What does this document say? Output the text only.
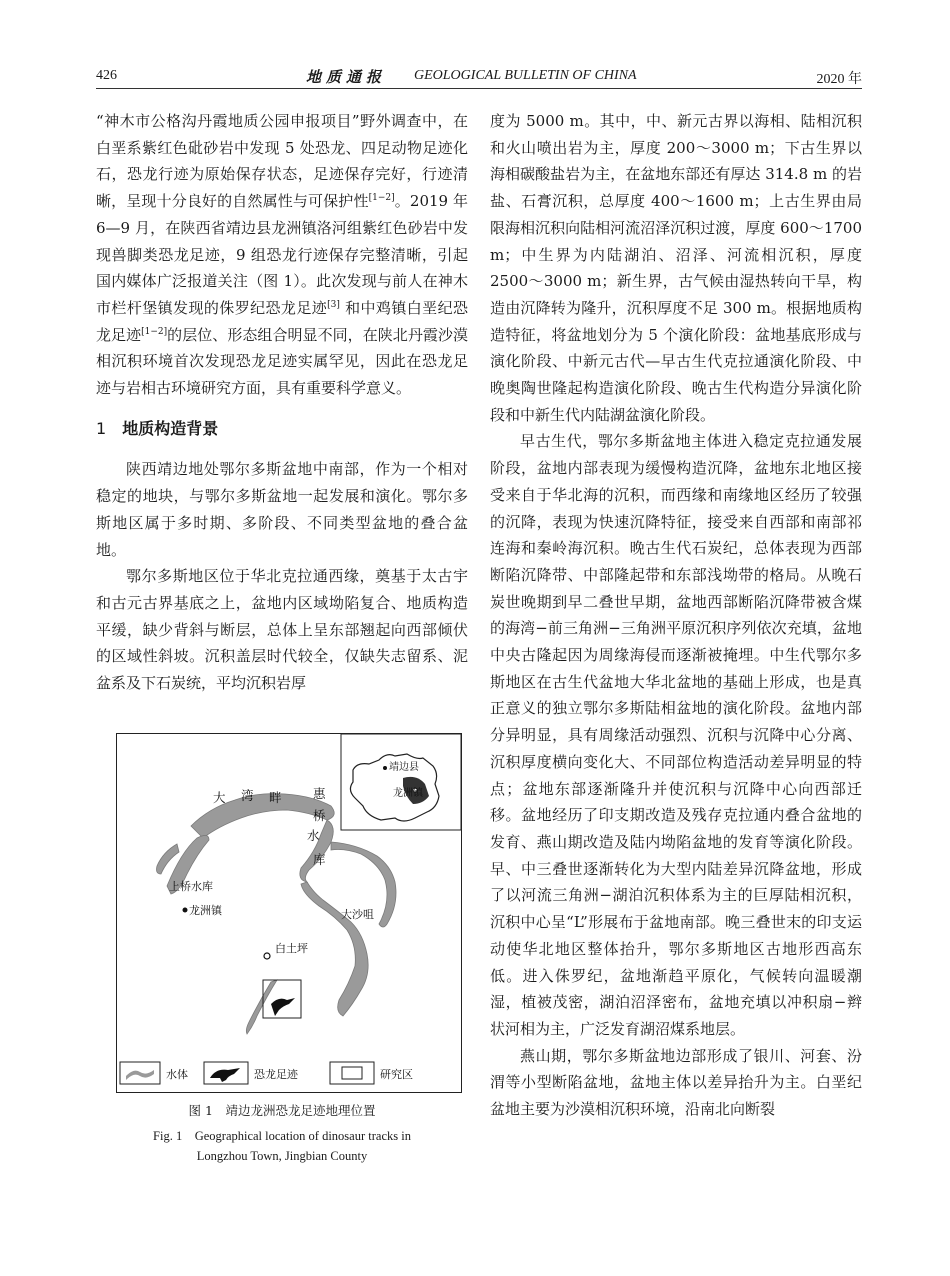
426	地质通报 GEOLOGICAL BULLETIN OF CHINA	2020 年

“神木市公格沟丹霞地质公园申报项目”野外调查中，在白垩系紫红色砒砂岩中发现 5 处恐龙、四足动物足迹化石，恐龙行迹为原始保存状态，足迹保存完好，行迹清晰，呈现十分良好的自然属性与可保护性[1−2]。2019 年 6—9 月，在陕西省靖边县龙洲镇洛河组紫红色砂岩中发现兽脚类恐龙足迹，9 组恐龙行迹保存完整清晰，引起国内媒体广泛报道关注（图 1）。此次发现与前人在神木市栏杆堡镇发现的侏罗纪恐龙足迹[3] 和中鸡镇白垩纪恐龙足迹[1−2]的层位、形态组合明显不同，在陕北丹霞沙漠相沉积环境首次发现恐龙足迹实属罕见，因此在恐龙足迹与岩相古环境研究方面，具有重要科学意义。

1 地质构造背景

陕西靖边地处鄂尔多斯盆地中南部，作为一个相对稳定的地块，与鄂尔多斯盆地一起发展和演化。鄂尔多斯地区属于多时期、多阶段、不同类型盆地的叠合盆地。

鄂尔多斯地区位于华北克拉通西缘，奠基于太古宇和古元古界基底之上，盆地内区域坳陷复合、地质构造平缓，缺少背斜与断层，总体上呈东部翘起向西部倾伏的区域性斜坡。沉积盖层时代较全，仅缺失志留系、泥盆系及下石炭统，平均沉积岩厚

度为 5000 m。其中，中、新元古界以海相、陆相沉积和火山喷出岩为主，厚度 200～3000 m；下古生界以海相碳酸盐岩为主，在盆地东部还有厚达 314.8 m 的岩盐、石膏沉积，总厚度 400～1600 m；上古生界由局限海相沉积向陆相河流沼泽沉积过渡，厚度 600～1700 m；中生界为内陆湖泊、沼泽、河流相沉积，厚度 2500～3000 m；新生界，古气候由湿热转向干旱，构造由沉降转为隆升，沉积厚度不足 300 m。根据地质构造特征，将盆地划分为 5 个演化阶段：盆地基底形成与演化阶段、中新元古代—早古生代克拉通演化阶段、中晚奥陶世隆起构造演化阶段、晚古生代构造分异演化阶段和中新生代内陆湖盆演化阶段。

早古生代，鄂尔多斯盆地主体进入稳定克拉通发展阶段，盆地内部表现为缓慢构造沉降，盆地东北地区接受来自于华北海的沉积，而西缘和南缘地区经历了较强的沉降，表现为快速沉降特征，接受来自西部和南部祁连海和秦岭海沉积。晚古生代石炭纪，总体表现为西部断陷沉降带、中部隆起带和东部浅坳带的格局。从晚石炭世晚期到早二叠世早期，盆地西部断陷沉降带被含煤的海湾−前三角洲−三角洲平原沉积序列依次充填，盆地中央古隆起因为周缘海侵而逐渐被掩埋。中生代鄂尔多斯地区在古生代盆地大华北盆地的基础上形成，也是真正意义的独立鄂尔多斯陆相盆地的演化阶段。盆地内部分异明显，具有周缘活动强烈、沉积与沉降中心分离、沉积厚度横向变化大、不同部位构造活动差异明显的特点；盆地东部逐渐隆升并使沉积与沉降中心向西部迁移。盆地经历了印支期改造及残存克拉通内叠合盆地的发育、燕山期改造及陆内坳陷盆地的发育等演化阶段。早、中三叠世逐渐转化为大型内陆差异沉降盆地，形成了以河流三角洲−湖泊沉积体系为主的巨厚陆相沉积，沉积中心呈“L”形展布于盆地南部。晚三叠世末的印支运动使华北地区整体抬升，鄂尔多斯地区古地形西高东低。进入侏罗纪，盆地渐趋平原化，气候转向温暖潮湿，植被茂密，湖泊沼泽密布，盆地充填以冲积扇−辫状河相为主，广泛发育湖沼煤系地层。

燕山期，鄂尔多斯盆地边部形成了银川、河套、汾渭等小型断陷盆地，盆地主体以差异抬升为主。白垩纪盆地主要为沙漠相沉积环境，沿南北向断裂

大 湾 畔	惠
桥
水
库
上桥水库
龙洲镇	大沙咀
白土坪
靖边县
龙洲镇
水体	恐龙足迹	研究区
图 1　靖边龙洲恐龙足迹地理位置
Fig. 1　Geographical location of dinosaur tracks in
Longzhou Town, Jingbian County
